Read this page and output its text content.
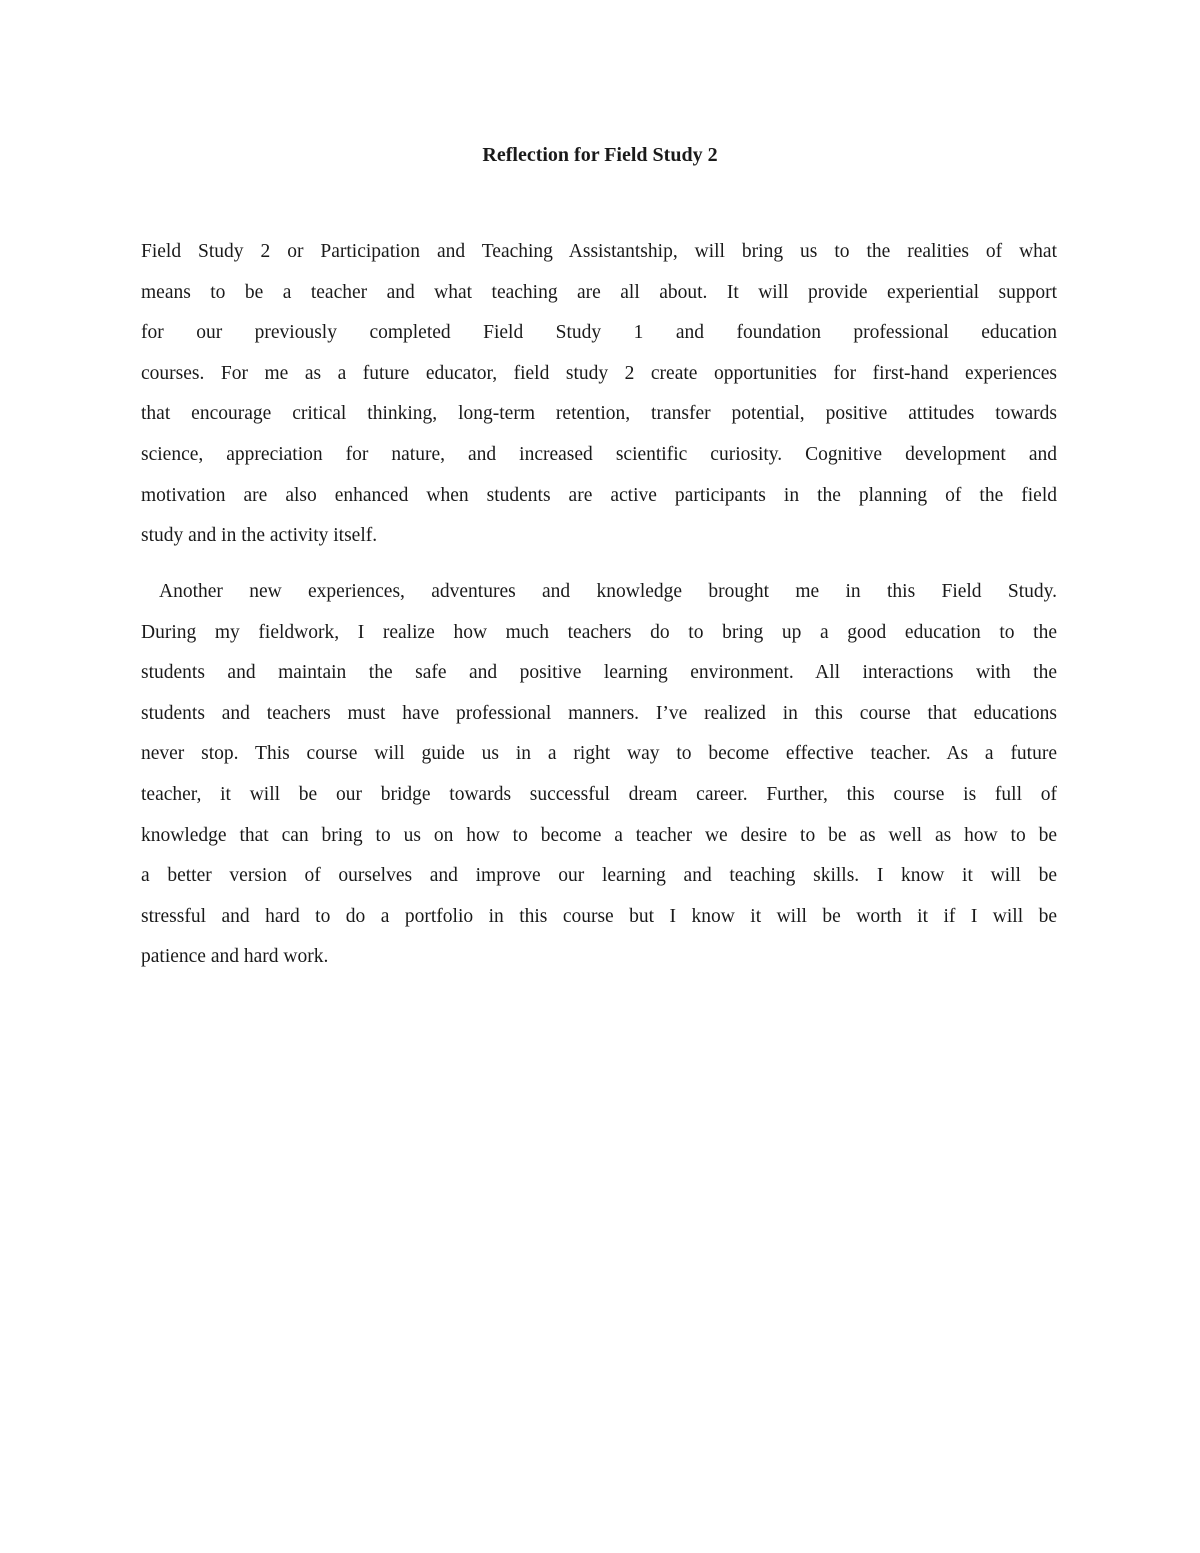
Reflection for Field Study 2
Field Study 2 or Participation and Teaching Assistantship, will bring us to the realities of what
means to be a teacher and what teaching are all about. It will provide experiential support
for our previously completed Field Study 1 and foundation professional education
courses. For me as a future educator, field study 2 create opportunities for first-hand experiences
that encourage critical thinking, long-term retention, transfer potential, positive attitudes towards
science, appreciation for nature, and increased scientific curiosity. Cognitive development and
motivation are also enhanced when students are active participants in the planning of the field
study and in the activity itself.
Another new experiences, adventures and knowledge brought me in this Field Study.
During my fieldwork, I realize how much teachers do to bring up a good education to the
students and maintain the safe and positive learning environment. All interactions with the
students and teachers must have professional manners. I’ve realized in this course that educations
never stop. This course will guide us in a right way to become effective teacher. As a future
teacher, it will be our bridge towards successful dream career. Further, this course is full of
knowledge that can bring to us on how to become a teacher we desire to be as well as how to be
a better version of ourselves and improve our learning and teaching skills. I know it will be
stressful and hard to do a portfolio in this course but I know it will be worth it if I will be
patience and hard work.
